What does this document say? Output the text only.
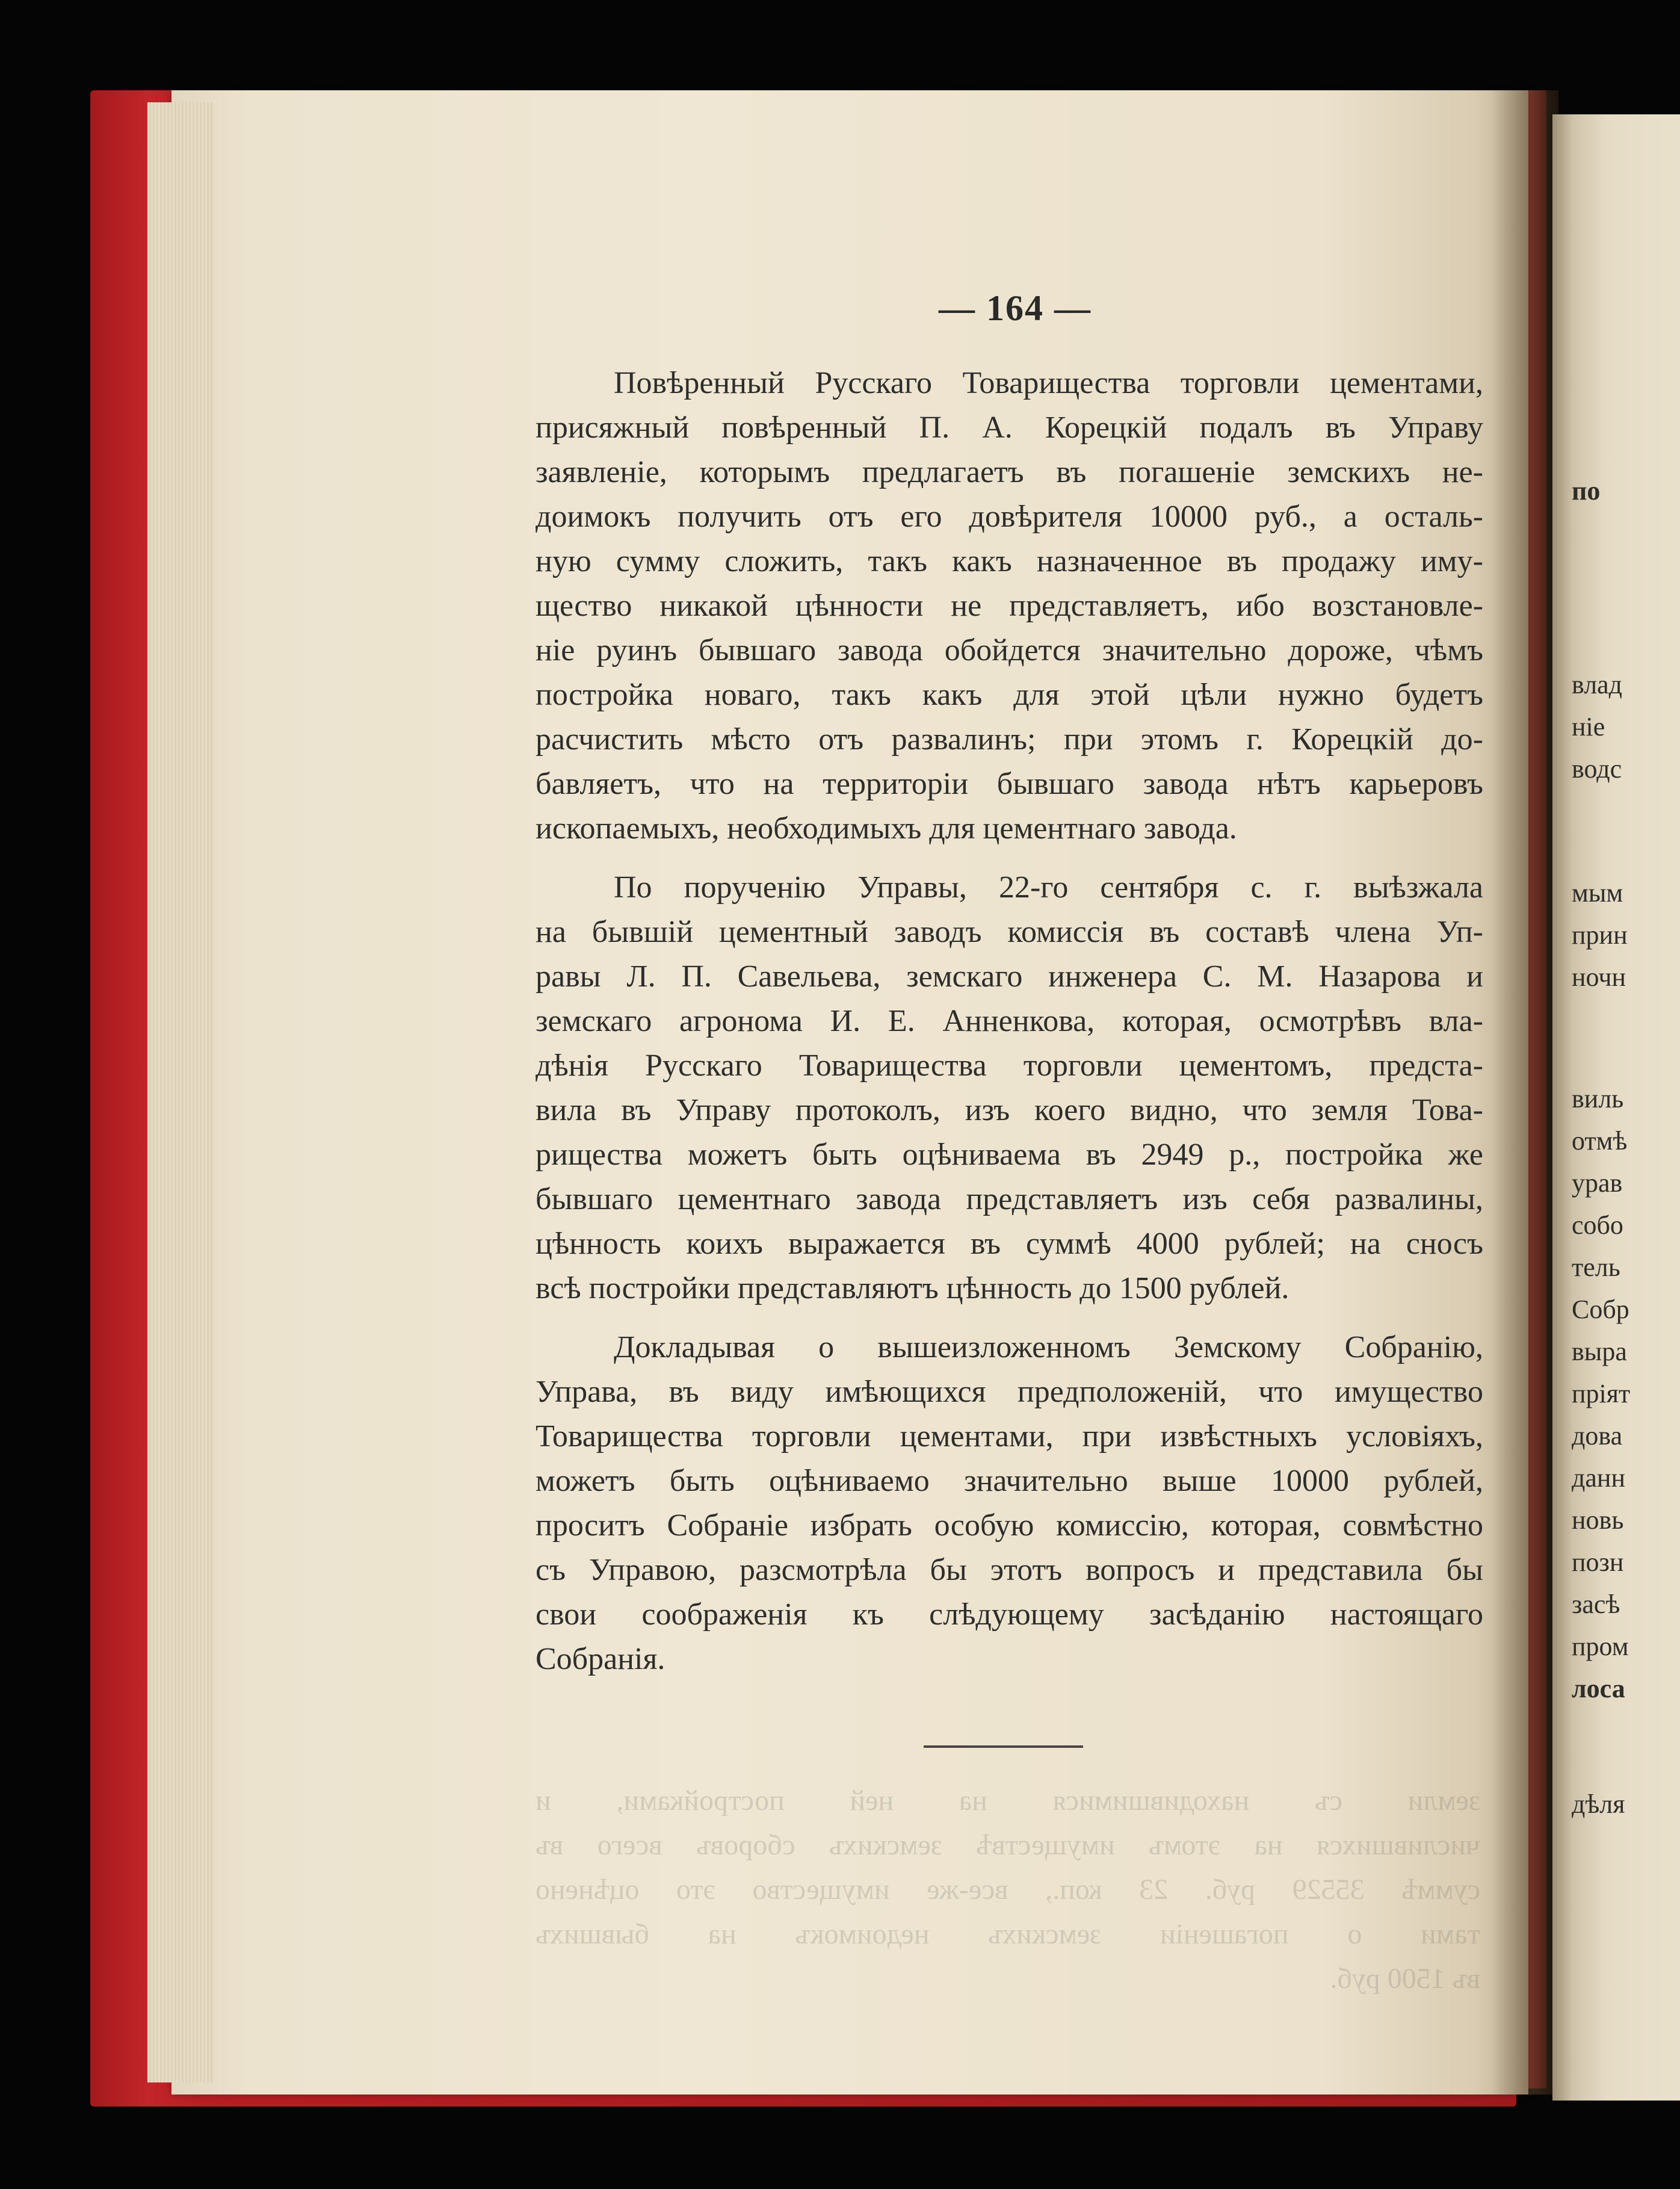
— 164 —
Повѣренный Русскаго Товарищества торговли цементами,
присяжный повѣренный П. А. Корецкій подалъ въ Управу
заявленіе, которымъ предлагаетъ въ погашеніе земскихъ не-
доимокъ получить отъ его довѣрителя 10000 руб., а осталь-
ную сумму сложить, такъ какъ назначенное въ продажу иму-
щество никакой цѣнности не представляетъ, ибо возстановле-
ніе руинъ бывшаго завода обойдется значительно дороже, чѣмъ
постройка новаго, такъ какъ для этой цѣли нужно будетъ
расчистить мѣсто отъ развалинъ; при этомъ г. Корецкій до-
бавляетъ, что на территоріи бывшаго завода нѣтъ карьеровъ
ископаемыхъ, необходимыхъ для цементнаго завода.
По порученію Управы, 22-го сентября с. г. выѣзжала
на бывшій цементный заводъ комиссія въ составѣ члена Уп-
равы Л. П. Савельева, земскаго инженера С. М. Назарова и
земскаго агронома И. Е. Анненкова, которая, осмотрѣвъ вла-
дѣнія Русскаго Товарищества торговли цементомъ, предста-
вила въ Управу протоколъ, изъ коего видно, что земля Това-
рищества можетъ быть оцѣниваема въ 2949 р., постройка же
бывшаго цементнаго завода представляетъ изъ себя развалины,
цѣнность коихъ выражается въ суммѣ 4000 рублей; на сносъ
всѣ постройки представляютъ цѣнность до 1500 рублей.
Докладывая о вышеизложенномъ Земскому Собранію,
Управа, въ виду имѣющихся предположеній, что имущество
Товарищества торговли цементами, при извѣстныхъ условіяхъ,
можетъ быть оцѣниваемо значительно выше 10000 рублей,
проситъ Собраніе избрать особую комиссію, которая, совмѣстно
съ Управою, разсмотрѣла бы этотъ вопросъ и представила бы
свои соображенія къ слѣдующему засѣданію настоящаго
Собранія.
земли съ находившимися на ней постройками, и
числившихся на этомъ имуществѣ земскихъ сборовъ всего въ
суммѣ 35529 руб. 23 коп., все-же имущество это оцѣнено
тами о погашеніи земскихъ недоимокъ на бывшихъ
въ 1500 руб.
по
влад
ніе
водс
мым
прин
ночн
виль
отмѣ
урав
собо
тель
Собр
выра
пріят
дова
данн
новь
позн
засѣ
пром
лоса
дѣля
